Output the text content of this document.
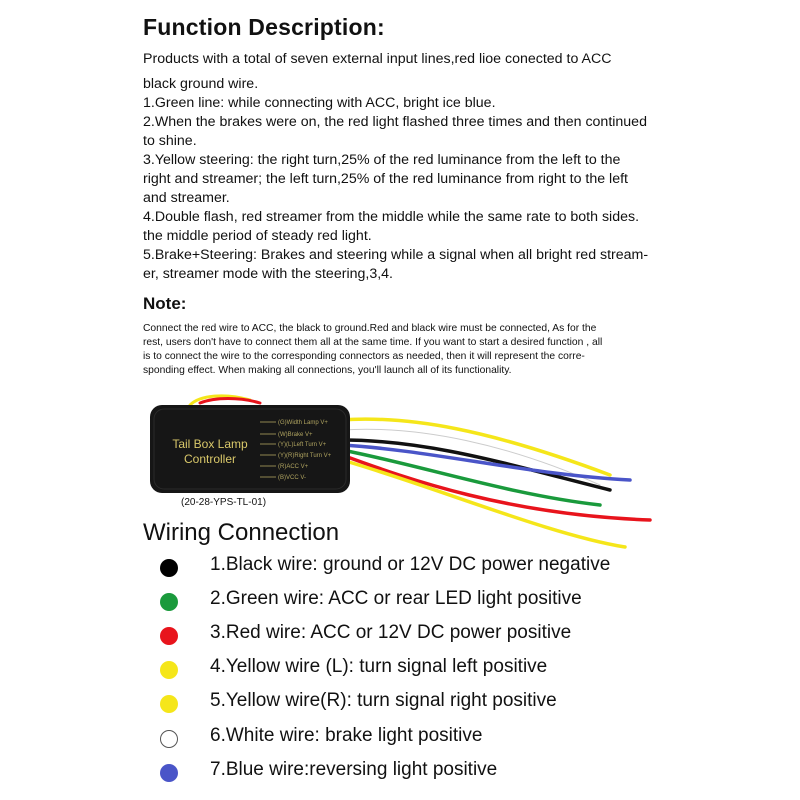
Function Description:
Products with a total of seven external input lines,red lioe conected to ACC
black ground wire.
1.Green line: while connecting with ACC, bright ice blue.
2.When the brakes were on, the red light flashed three times and then continued
to shine.
3.Yellow steering: the right turn,25% of the red luminance from the left to the
right and streamer; the left turn,25% of the red luminance from right to the left
and streamer.
4.Double flash, red streamer from the middle while the same rate to both sides.
the middle period of steady red light.
5.Brake+Steering: Brakes and steering while a signal when all bright red stream-
er, streamer mode with the steering,3,4.
Note:
Connect the red wire to ACC, the black to ground.Red and black wire must be connected, As for the
rest, users don't have to connect them all at the same time. If you want to start a desired function , all
is to connect the wire to the corresponding connectors as needed, then it will represent the corre-
sponding effect. When making all connections, you'll launch all of its functionality.
Tail Box Lamp
Controller
(G)Width Lamp V+
(W)Brake V+
(Y)(L)Left Turn V+
(Y)(R)Right Turn V+
(R)ACC V+
(B)VCC V-
(20-28-YPS-TL-01)
Wiring Connection
1.Black wire: ground or 12V DC power negative
2.Green wire: ACC or rear LED light positive
3.Red wire: ACC or 12V DC power positive
4.Yellow wire (L): turn signal left positive
5.Yellow wire(R): turn signal right positive
6.White wire: brake light positive
7.Blue wire:reversing light positive
